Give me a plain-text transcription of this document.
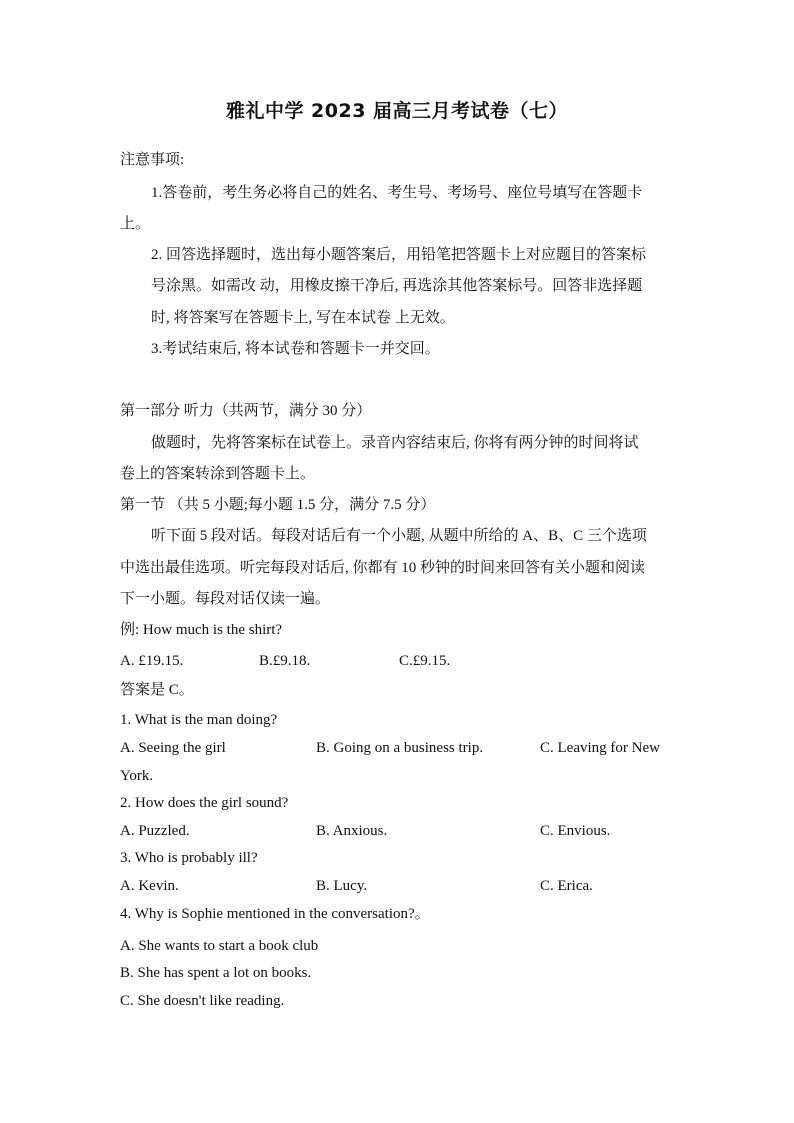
雅礼中学 2023 届高三月考试卷（七）
注意事项:
1.答卷前，考生务必将自己的姓名、考生号、考场号、座位号填写在答题卡
上。
2. 回答选择题时，选出每小题答案后，用铅笔把答题卡上对应题目的答案标
号涂黑。如需改 动，用橡皮擦干净后, 再选涂其他答案标号。回答非选择题
时, 将答案写在答题卡上, 写在本试卷 上无效。
3.考试结束后, 将本试卷和答题卡一并交回。
第一部分 听力（共两节，满分 30 分）
做题时，先将答案标在试卷上。录音内容结束后, 你将有两分钟的时间将试
卷上的答案转涂到答题卡上。
第一节 （共 5 小题;每小题 1.5 分，满分 7.5 分）
听下面 5 段对话。每段对话后有一个小题, 从题中所给的 A、B、C 三个选项
中选出最佳选项。听完每段对话后, 你都有 10 秒钟的时间来回答有关小题和阅读
下一小题。每段对话仅读一遍。
例: How much is the shirt?
A. £19.15.	B.£9.18.	C.£9.15.
答案是 C。
1. What is the man doing?
A. Seeing the girl	B. Going on a business trip.	C. Leaving for New
York.
2. How does the girl sound?
A. Puzzled.	B. Anxious.	C. Envious.
3. Who is probably ill?
A. Kevin.	B. Lucy.	C. Erica.
4. Why is Sophie mentioned in the conversation?。
A. She wants to start a book club
B. She has spent a lot on books.
C. She doesn't like reading.
